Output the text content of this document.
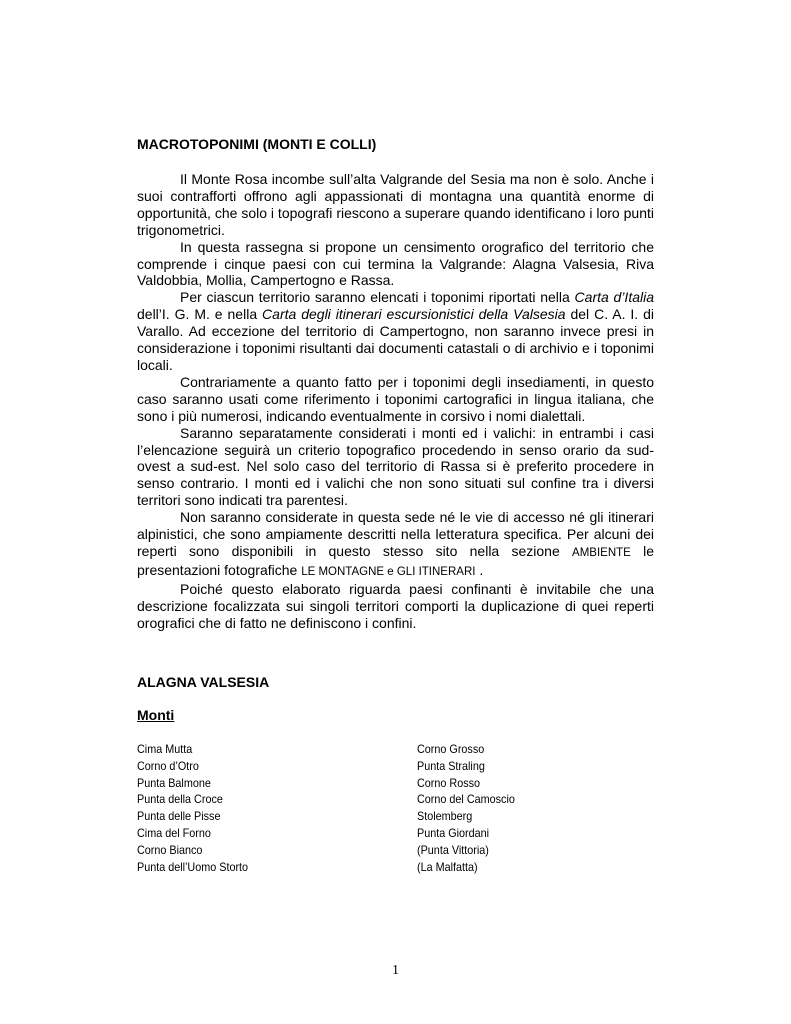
MACROTOPONIMI (MONTI E COLLI)

Il Monte Rosa incombe sull’alta Valgrande del Sesia ma non è solo. Anche i suoi contrafforti offrono agli appassionati di montagna una quantità enorme di opportunità, che solo i topografi riescono a superare quando identificano i loro punti trigonometrici.

In questa rassegna si propone un censimento orografico del territorio che comprende i cinque paesi con cui termina la Valgrande: Alagna Valsesia, Riva Valdobbia, Mollia, Campertogno e Rassa.

Per ciascun territorio saranno elencati i toponimi riportati nella Carta d’Italia dell’I. G. M. e nella Carta degli itinerari escursionistici della Valsesia del C. A. I. di Varallo. Ad eccezione del territorio di Campertogno, non saranno invece presi in considerazione i toponimi risultanti dai documenti catastali o di archivio e i toponimi locali.

Contrariamente a quanto fatto per i toponimi degli insediamenti, in questo caso saranno usati come riferimento i toponimi cartografici in lingua italiana, che sono i più numerosi, indicando eventualmente in corsivo i nomi dialettali.

Saranno separatamente considerati i monti ed i valichi: in entrambi i casi l’elencazione seguirà un criterio topografico procedendo in senso orario da sud-ovest a sud-est. Nel solo caso del territorio di Rassa si è preferito procedere in senso contrario. I monti ed i valichi che non sono situati sul confine tra i diversi territori sono indicati tra parentesi.

Non saranno considerate in questa sede né le vie di accesso né gli itinerari alpinistici, che sono ampiamente descritti nella letteratura specifica. Per alcuni dei reperti sono disponibili in questo stesso sito nella sezione AMBIENTE le presentazioni fotografiche LE MONTAGNE e GLI ITINERARI .

Poiché questo elaborato riguarda paesi confinanti è invitabile che una descrizione focalizzata sui singoli territori comporti la duplicazione di quei reperti orografici che di fatto ne definiscono i confini.

ALAGNA VALSESIA
Monti
Cima Mutta
Corno d’Otro
Punta Balmone
Punta della Croce
Punta delle Pisse
Cima del Forno
Corno Bianco
Punta dell’Uomo Storto
Corno Grosso
Punta Straling
Corno Rosso
Corno del Camoscio
Stolemberg
Punta Giordani
(Punta Vittoria)
(La Malfatta)
1
